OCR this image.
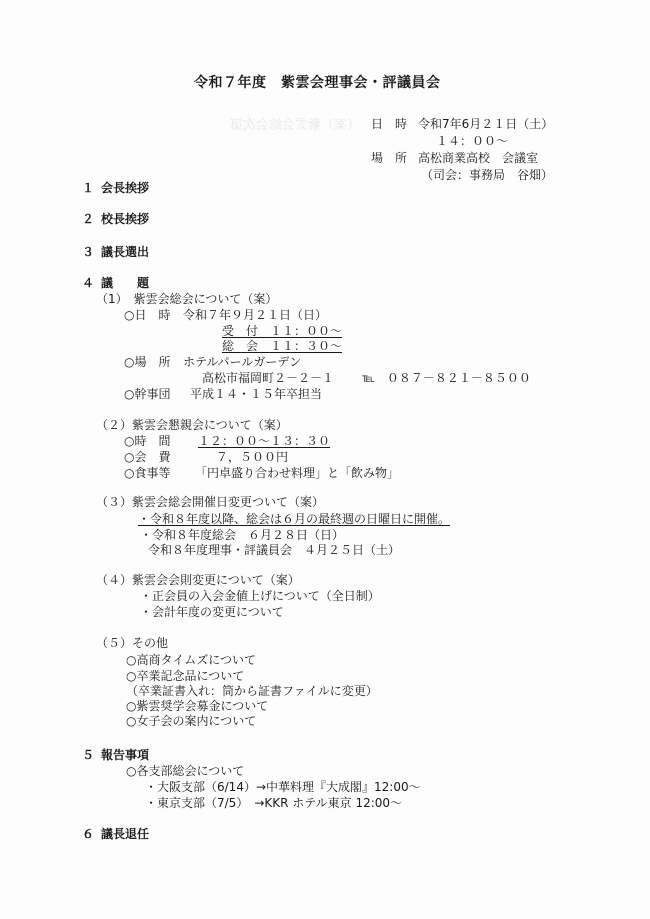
（案）紫雲会総会次第
令和７年度　紫雲会理事会・評議員会
日　時 令和7年6月２１日（土）
１４：００～
場　所 高松商業高校　会議室
（司会：事務局　谷畑）
１ 会長挨拶
２ 校長挨拶
３ 議長選出
４ 議　　題
（1）　紫雲会総会について（案）
○日　時 令和７年９月２１日（日）
受　付　１１：００～
総　会　１１：３０～
○場　所 ホテルパールガーデン
高松市福岡町２－２－１ ℡　０８７－８２１－８５００
○幹事団 平成１４・１５年卒担当
（２）紫雲会懇親会について（案）
○時　間 １２：００～１３：３０
○会　費	７，５００円
○食事等 「円卓盛り合わせ料理」と「飲み物」
（３）紫雲会総会開催日変更ついて（案）
・令和８年度以降、総会は６月の最終週の日曜日に開催。
・令和８年度総会　６月２８日（日）
令和８年度理事・評議員会　４月２５日（土）
（４）紫雲会会則変更について（案）
・正会員の入会金値上げについて（全日制）
・会計年度の変更について
（５）その他
○高商タイムズについて
○卒業記念品について
（卒業証書入れ：筒から証書ファイルに変更）
○紫雲奨学会募金について
○女子会の案内について
５ 報告事項
○各支部総会について
・大阪支部（6/14）→中華料理『大成閣』12:00～
・東京支部（7/5）　→KKR ホテル東京 12:00～
６ 議長退任
